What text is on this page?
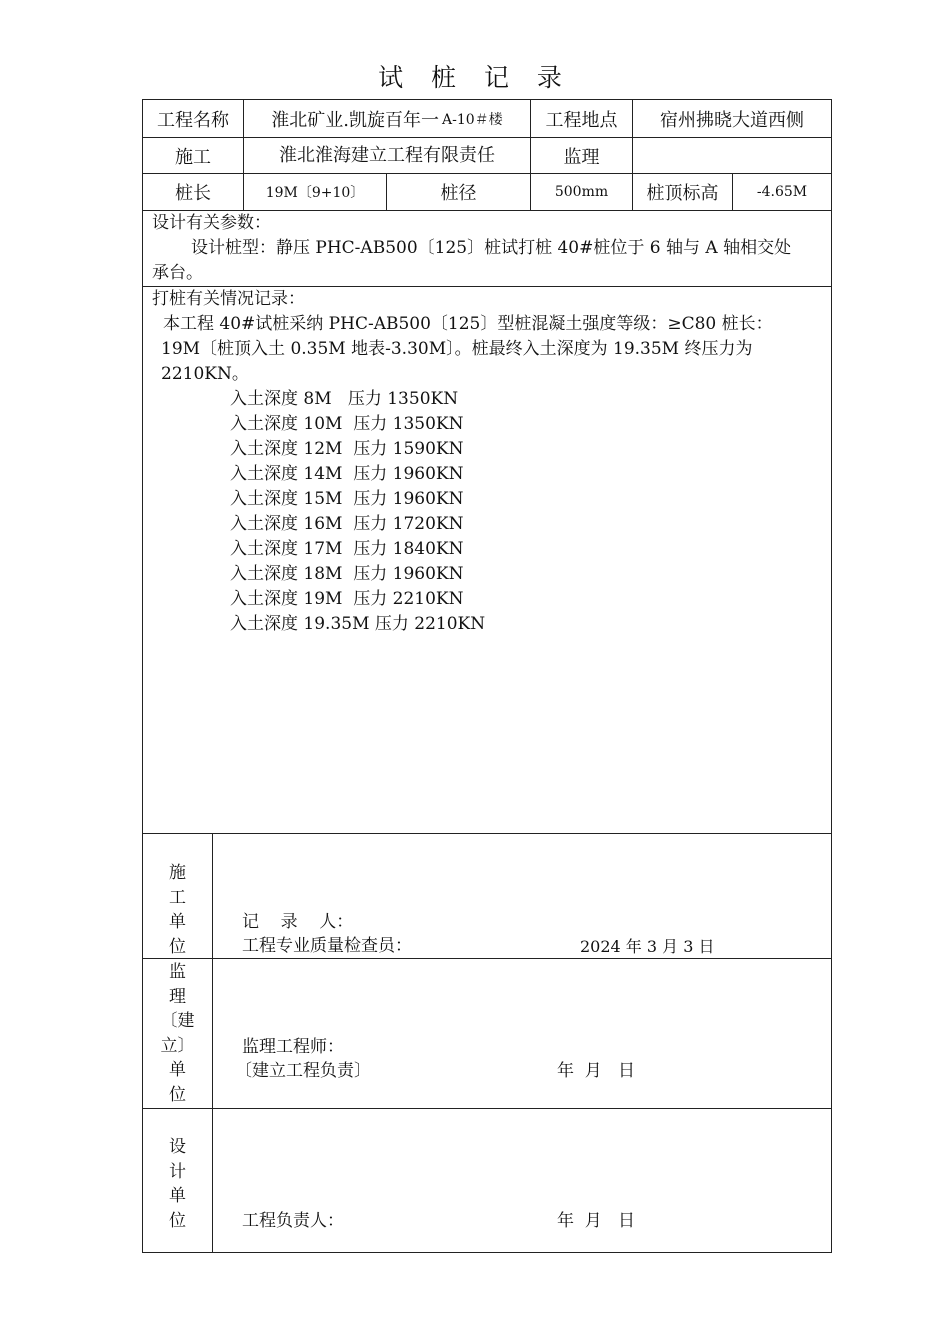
试 桩 记 录
工程名称	淮北矿业.凯旋百年一 A-10＃楼	工程地点	宿州拂晓大道西侧
施工	淮北淮海建立工程有限责任	监理
桩长	19M〔9+10〕	桩径	500mm	桩顶标高	-4.65M
设计有关参数：
设计桩型：静压 PHC-AB500〔125〕桩试打桩 40#桩位于 6 轴与 A 轴相交处
承台。
打桩有关情况记录：
本工程 40#试桩采纳 PHC-AB500〔125〕型桩混凝土强度等级：≥C80 桩长：
19M〔桩顶入土 0.35M 地表-3.30M〕。桩最终入土深度为 19.35M 终压力为
2210KN。
入土深度 8M   压力 1350KN
入土深度 10M  压力 1350KN
入土深度 12M  压力 1590KN
入土深度 14M  压力 1960KN
入土深度 15M  压力 1960KN
入土深度 16M  压力 1720KN
入土深度 17M  压力 1840KN
入土深度 18M  压力 1960KN
入土深度 19M  压力 2210KN
入土深度 19.35M 压力 2210KN
施
工
单
位
记    录    人：
工程专业质量检查员：	2024 年 3 月 3 日
监
理
〔建
立〕
单
位
监理工程师：
〔建立工程负责〕	年  月   日
设
计
单
位	工程负责人：	年  月   日
